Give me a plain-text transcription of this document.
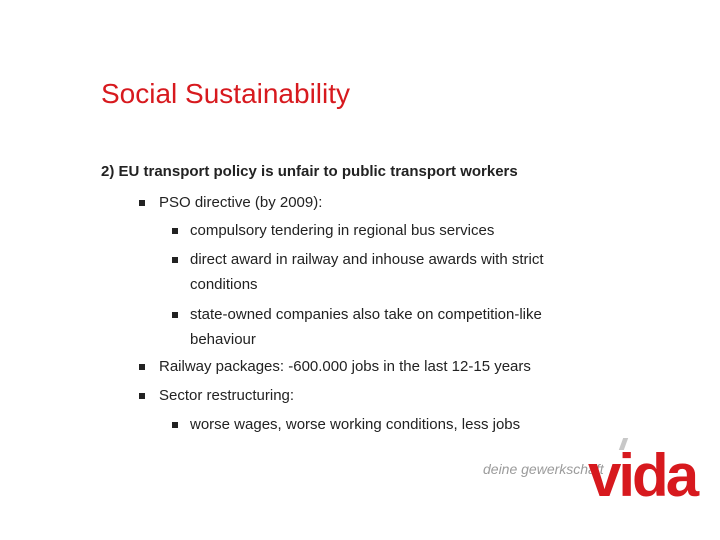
Social Sustainability
2) EU transport policy is unfair to public transport workers
PSO directive (by 2009):
compulsory tendering in regional bus services
direct award in railway and inhouse awards with strict
conditions
state-owned companies also take on competition-like
behaviour
Railway packages: -600.000 jobs in the last 12-15 years
Sector restructuring:
worse wages, worse working conditions, less jobs
deine gewerkschaft
vida
